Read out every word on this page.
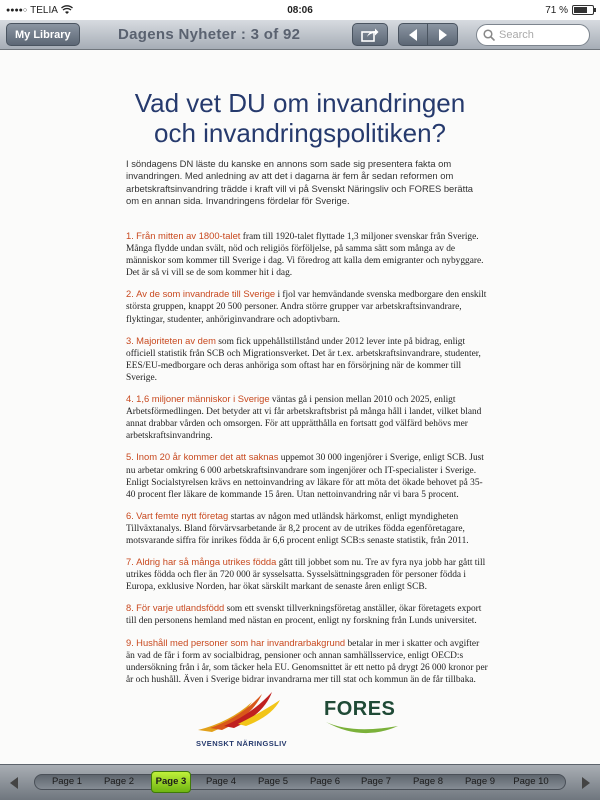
●●●●○ TELIA	08:06	71 %
My Library	Dagens Nyheter : 3 of 92
Search
Vad vet DU om invandringen
och invandringspolitiken?

I söndagens DN läste du kanske en annons som sade sig presentera fakta om invandringen. Med anledning av att det i dagarna är fem år sedan reformen om arbetskraftsinvandring trädde i kraft vill vi på Svenskt Näringsliv och FORES berätta om en annan sida. Invandringens fördelar för Sverige.

1. Från mitten av 1800-talet fram till 1920-talet flyttade 1,3 miljoner svenskar från Sverige. Många flydde undan svält, nöd och religiös förföljelse, på samma sätt som många av de människor som kommer till Sverige i dag. Vi föredrog att kalla dem emigranter och nybyggare. Det är så vi vill se de som kommer hit i dag.
2. Av de som invandrade till Sverige i fjol var hemvändande svenska medborgare den enskilt största gruppen, knappt 20 500 personer. Andra större grupper var arbetskraftsinvandrare, flyktingar, studenter, anhöriginvandrare och adoptivbarn.
3. Majoriteten av dem som fick uppehållstillstånd under 2012 lever inte på bidrag, enligt officiell statistik från SCB och Migrationsverket. Det är t.ex. arbetskraftsinvandrare, studenter, EES/EU-medborgare och deras anhöriga som oftast har en försörjning när de kommer till Sverige.
4. 1,6 miljoner människor i Sverige väntas gå i pension mellan 2010 och 2025, enligt Arbetsförmedlingen. Det betyder att vi får arbetskraftsbrist på många håll i landet, vilket bland annat drabbar vården och omsorgen. För att upprätthålla en fortsatt god välfärd behövs mer arbetskraftsinvandring.
5. Inom 20 år kommer det att saknas uppemot 30 000 ingenjörer i Sverige, enligt SCB. Just nu arbetar omkring 6 000 arbetskraftsinvandrare som ingenjörer och IT-specialister i Sverige. Enligt Socialstyrelsen krävs en nettoinvandring av läkare för att möta det ökade behovet på 35-40 procent fler läkare de kommande 15 åren. Utan nettoinvandring når vi bara 5 procent.
6. Vart femte nytt företag startas av någon med utländsk härkomst, enligt myndigheten Tillväxtanalys. Bland förvärvsarbetande är 8,2 procent av de utrikes födda egenföretagare, motsvarande siffra för inrikes födda är 6,6 procent enligt SCB:s senaste statistik, från 2011.
7. Aldrig har så många utrikes födda gått till jobbet som nu. Tre av fyra nya jobb har gått till utrikes födda och fler än 720 000 är sysselsatta. Sysselsättningsgraden för personer födda i Europa, exklusive Norden, har ökat särskilt markant de senaste åren enligt SCB.
8. För varje utlandsfödd som ett svenskt tillverkningsföretag anställer, ökar företagets export till den personens hemland med nästan en procent, enligt ny forskning från Lunds universitet.
9. Hushåll med personer som har invandrarbakgrund betalar in mer i skatter och avgifter än vad de får i form av socialbidrag, pensioner och annan samhällsservice, enligt OECD:s undersökning från i år, som täcker hela EU. Genomsnittet är ett netto på drygt 26 000 kronor per år och hushåll. Även i Sverige bidrar invandrarna mer till stat och kommun än de får tillbaka.
SVENSKT NÄRINGSLIV
FORES
Page 1	Page 2	Page 3	Page 4	Page 5	Page 6	Page 7	Page 8	Page 9	Page 10
